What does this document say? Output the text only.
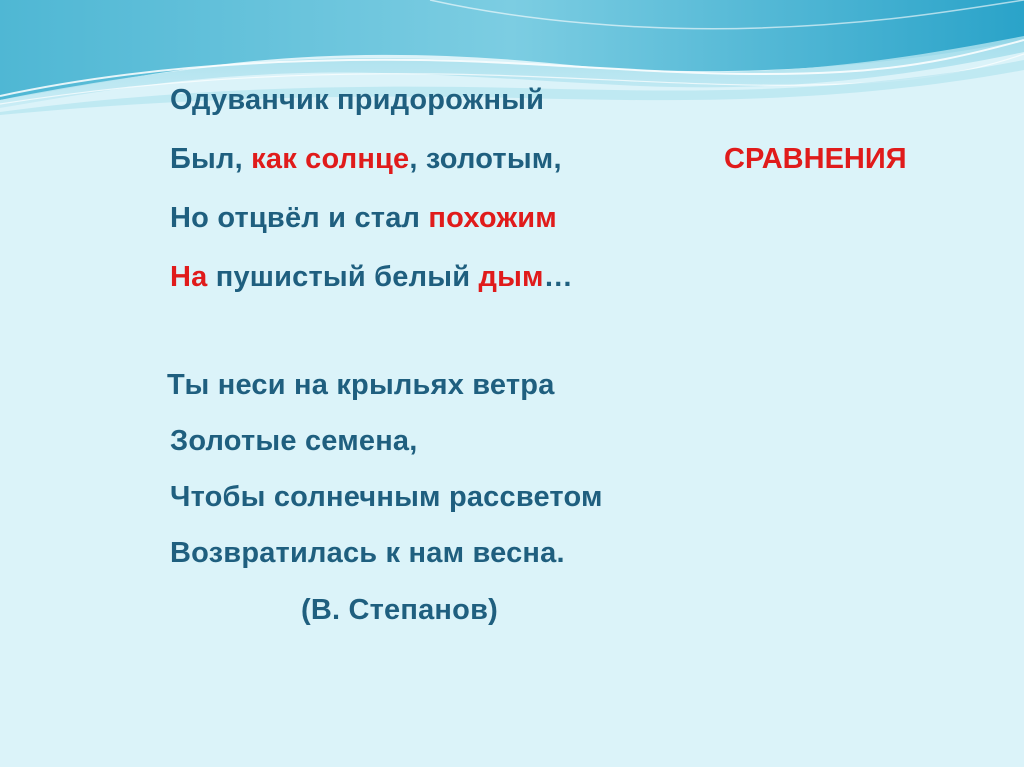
Одуванчик придорожный
Был, как солнце, золотым,
Но отцвёл и стал похожим
На пушистый белый дым…
Ты неси на крыльях ветра
Золотые семена,
Чтобы солнечным рассветом
Возвратилась к нам весна.
(В. Степанов)
СРАВНЕНИЯ
